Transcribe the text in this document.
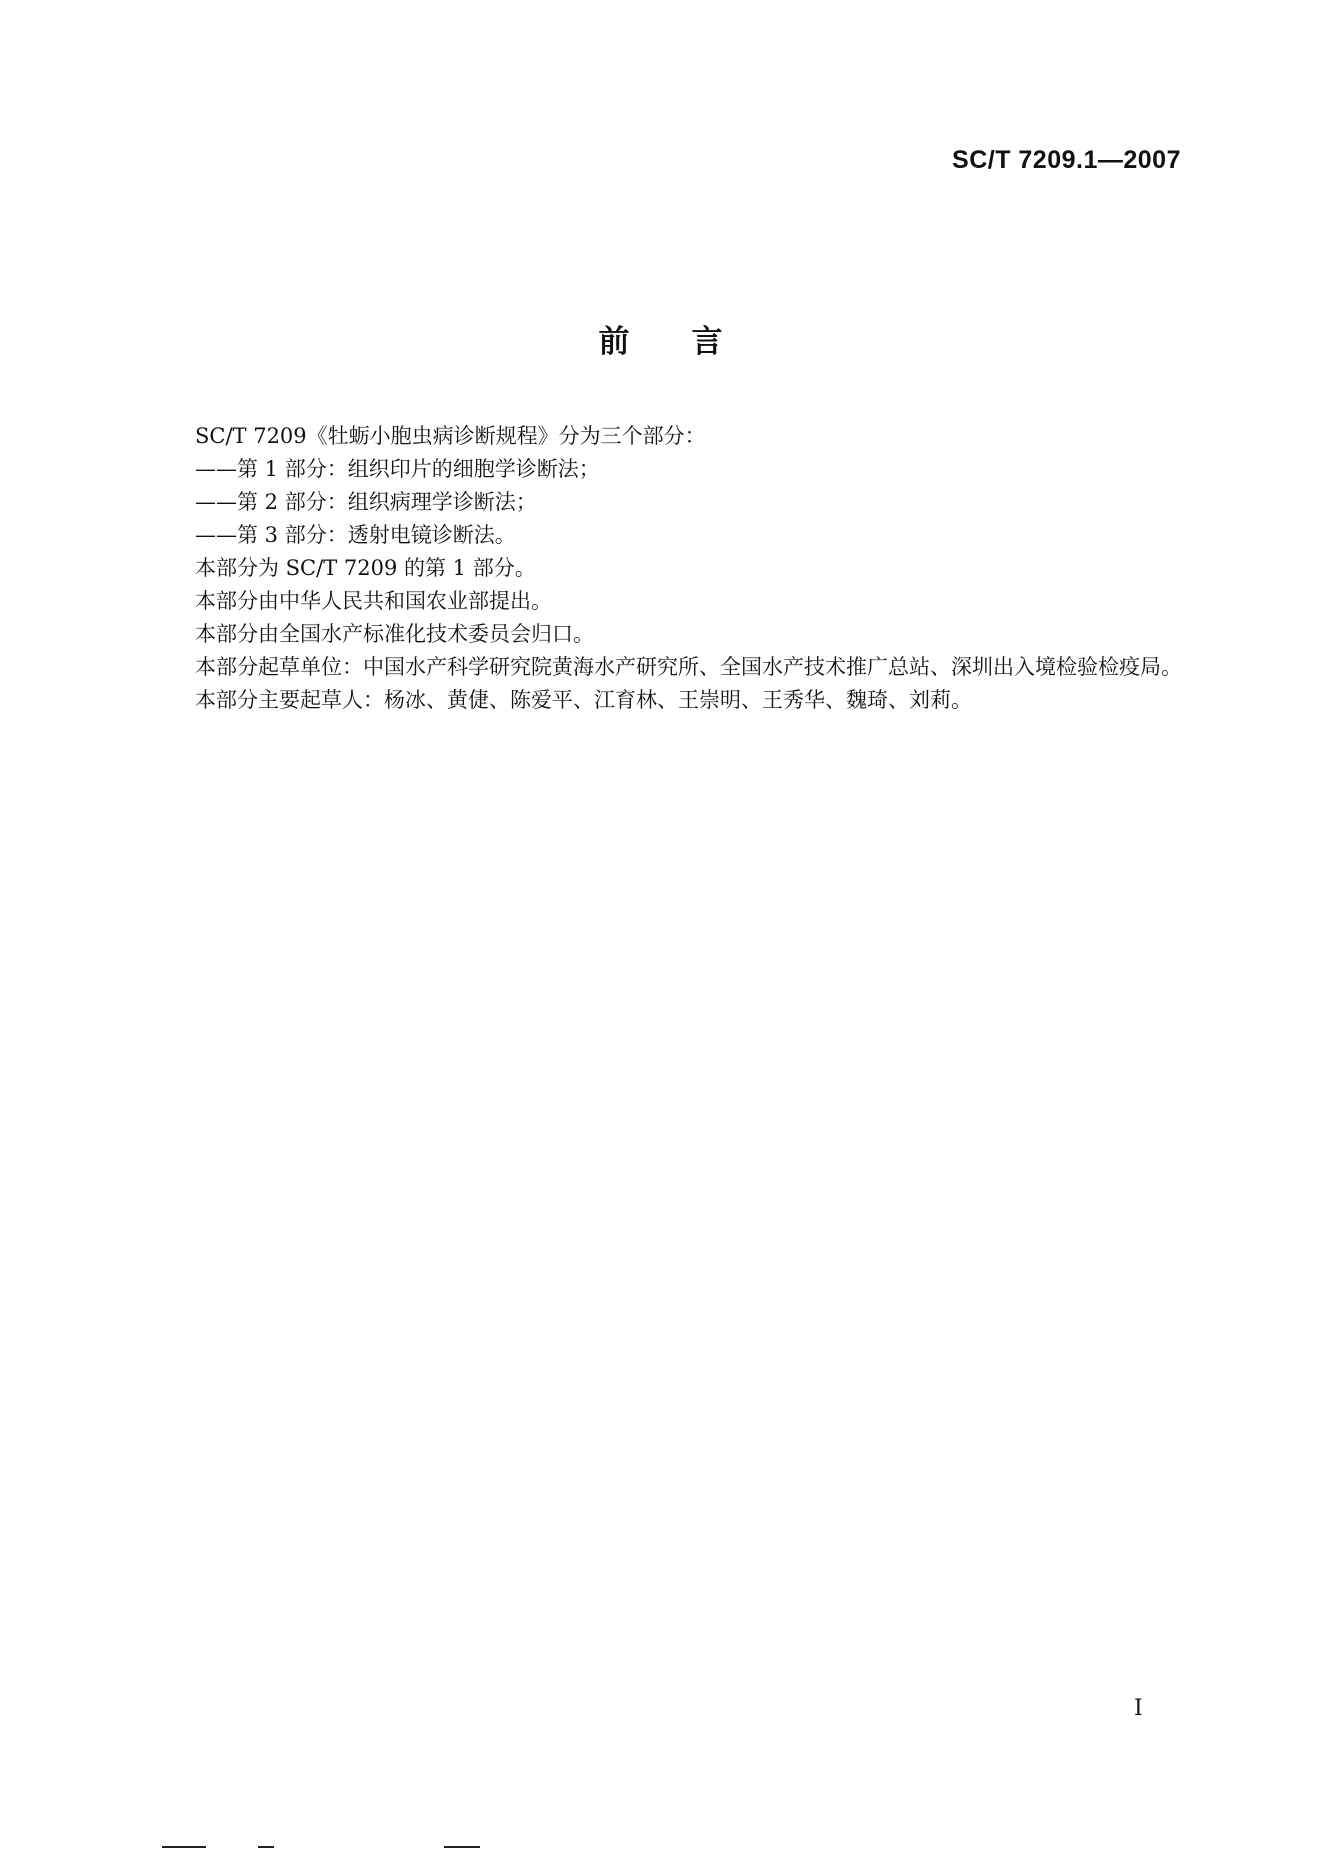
SC/T 7209.1—2007
前言

SC/T 7209《牡蛎小胞虫病诊断规程》分为三个部分：

——第 1 部分：组织印片的细胞学诊断法；

——第 2 部分：组织病理学诊断法；

——第 3 部分：透射电镜诊断法。

本部分为 SC/T 7209 的第 1 部分。

本部分由中华人民共和国农业部提出。

本部分由全国水产标准化技术委员会归口。

本部分起草单位：中国水产科学研究院黄海水产研究所、全国水产技术推广总站、深圳出入境检验检疫局。

本部分主要起草人：杨冰、黄倢、陈爱平、江育林、王崇明、王秀华、魏琦、刘莉。

I
